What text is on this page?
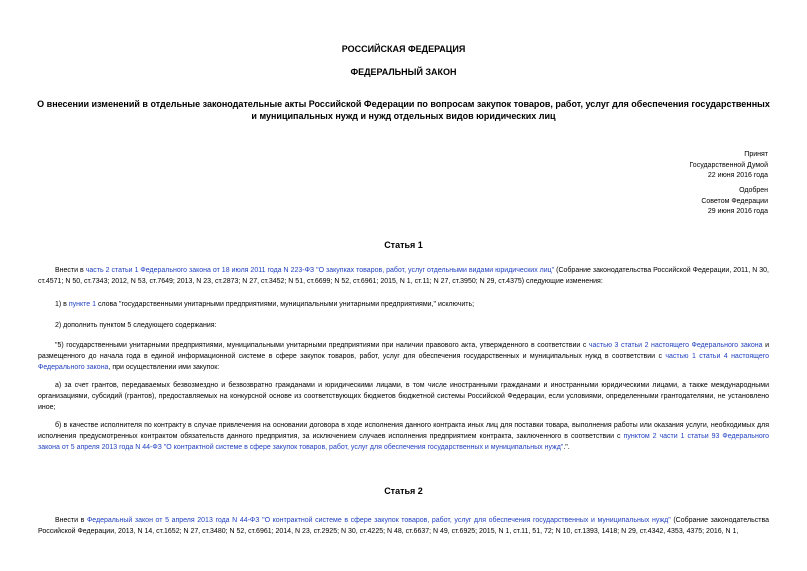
РОССИЙСКАЯ ФЕДЕРАЦИЯ
ФЕДЕРАЛЬНЫЙ ЗАКОН
О внесении изменений в отдельные законодательные акты Российской Федерации по вопросам закупок товаров, работ, услуг для обеспечения государственных
и муниципальных нужд и нужд отдельных видов юридических лиц
Принят
Государственной Думой
22 июня 2016 года
Одобрен
Советом Федерации
29 июня 2016 года
Статья 1
Внести в часть 2 статьи 1 Федерального закона от 18 июля 2011 года N 223-ФЗ "О закупках товаров, работ, услуг отдельными видами юридических лиц" (Собрание законодательства Российской Федерации, 2011, N 30, ст.4571; N 50, ст.7343; 2012, N 53, ст.7649; 2013, N 23, ст.2873; N 27, ст.3452; N 51, ст.6699; N 52, ст.6961; 2015, N 1, ст.11; N 27, ст.3950; N 29, ст.4375) следующие изменения:
1) в пункте 1 слова "государственными унитарными предприятиями, муниципальными унитарными предприятиями," исключить;
2) дополнить пунктом 5 следующего содержания:
"5) государственными унитарными предприятиями, муниципальными унитарными предприятиями при наличии правового акта, утвержденного в соответствии с частью 3 статьи 2 настоящего Федерального закона и размещенного до начала года в единой информационной системе в сфере закупок товаров, работ, услуг для обеспечения государственных и муниципальных нужд в соответствии с частью 1 статьи 4 настоящего Федерального закона, при осуществлении ими закупок:
а) за счет грантов, передаваемых безвозмездно и безвозвратно гражданами и юридическими лицами, в том числе иностранными гражданами и иностранными юридическими лицами, а также международными организациями, субсидий (грантов), предоставляемых на конкурсной основе из соответствующих бюджетов бюджетной системы Российской Федерации, если условиями, определенными грантодателями, не установлено иное;
б) в качестве исполнителя по контракту в случае привлечения на основании договора в ходе исполнения данного контракта иных лиц для поставки товара, выполнения работы или оказания услуги, необходимых для исполнения предусмотренных контрактом обязательств данного предприятия, за исключением случаев исполнения предприятием контракта, заключенного в соответствии с пунктом 2 части 1 статьи 93 Федерального закона от 5 апреля 2013 года N 44-ФЗ "О контрактной системе в сфере закупок товаров, работ, услуг для обеспечения государственных и муниципальных нужд".".
Статья 2
Внести в Федеральный закон от 5 апреля 2013 года N 44-ФЗ "О контрактной системе в сфере закупок товаров, работ, услуг для обеспечения государственных и муниципальных нужд" (Собрание законодательства Российской Федерации, 2013, N 14, ст.1652; N 27, ст.3480; N 52, ст.6961; 2014, N 23, ст.2925; N 30, ст.4225; N 48, ст.6637; N 49, ст.6925; 2015, N 1, ст.11, 51, 72; N 10, ст.1393, 1418; N 29, ст.4342, 4353, 4375; 2016, N 1,
